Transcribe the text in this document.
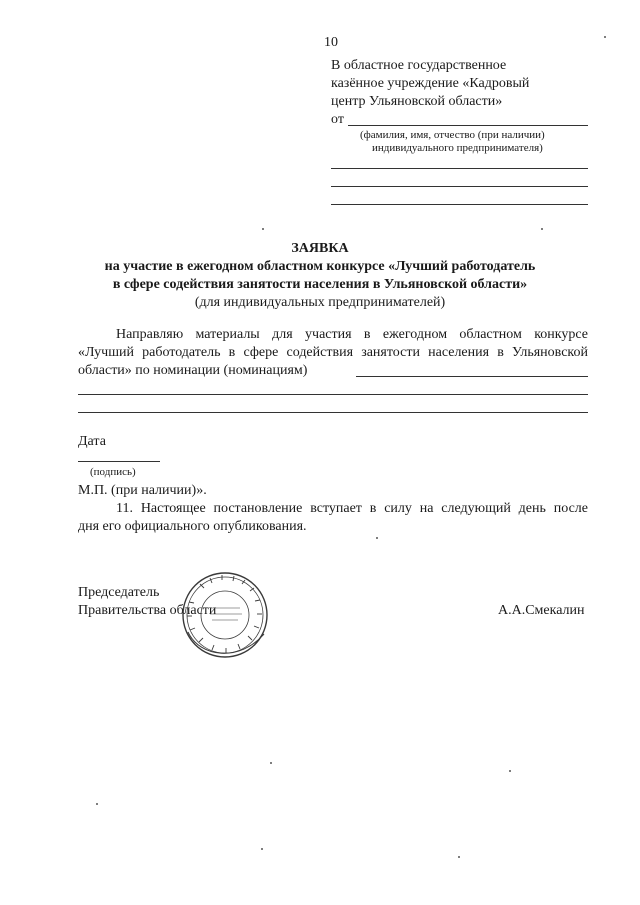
10
В областное государственное
казённое учреждение «Кадровый
центр Ульяновской области»
от
(фамилия, имя, отчество (при наличии)
индивидуального предпринимателя)
ЗАЯВКА
на участие в ежегодном областном конкурсе «Лучший работодатель
в сфере содействия занятости населения в Ульяновской области»
(для индивидуальных предпринимателей)
Направляю материалы для участия в ежегодном областном конкурсе
«Лучший работодатель в сфере содействия занятости населения в Ульяновской
области» по номинации (номинациям)
Дата
(подпись)
М.П. (при наличии)».
11. Настоящее постановление вступает в силу на следующий день после
дня его официального опубликования.
Председатель
Правительства области	А.А.Смекалин
